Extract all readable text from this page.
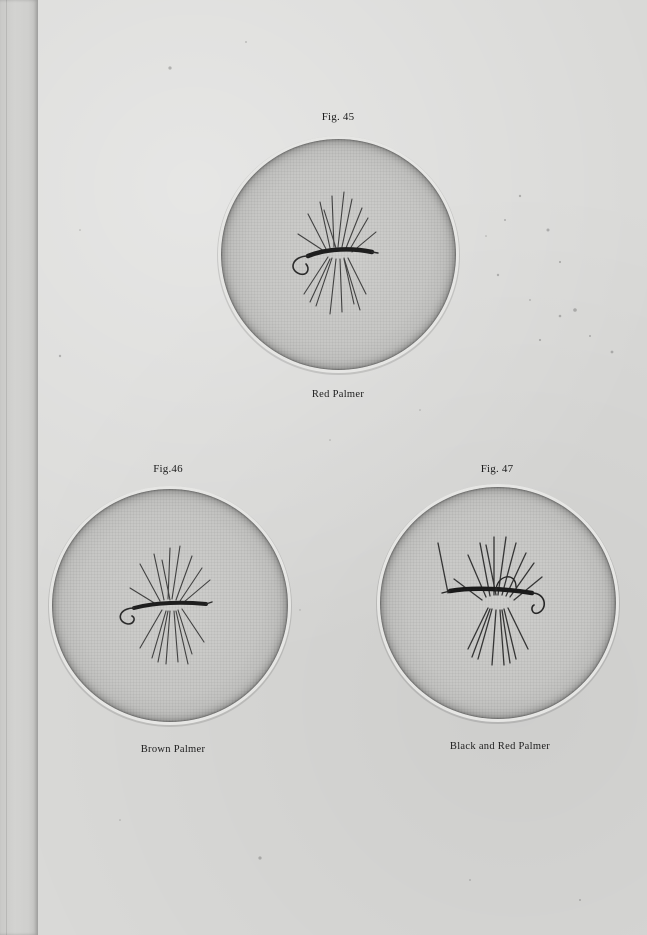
Fig. 45
Red Palmer
Fig.46
Brown Palmer
Fig. 47
Black and Red Palmer
